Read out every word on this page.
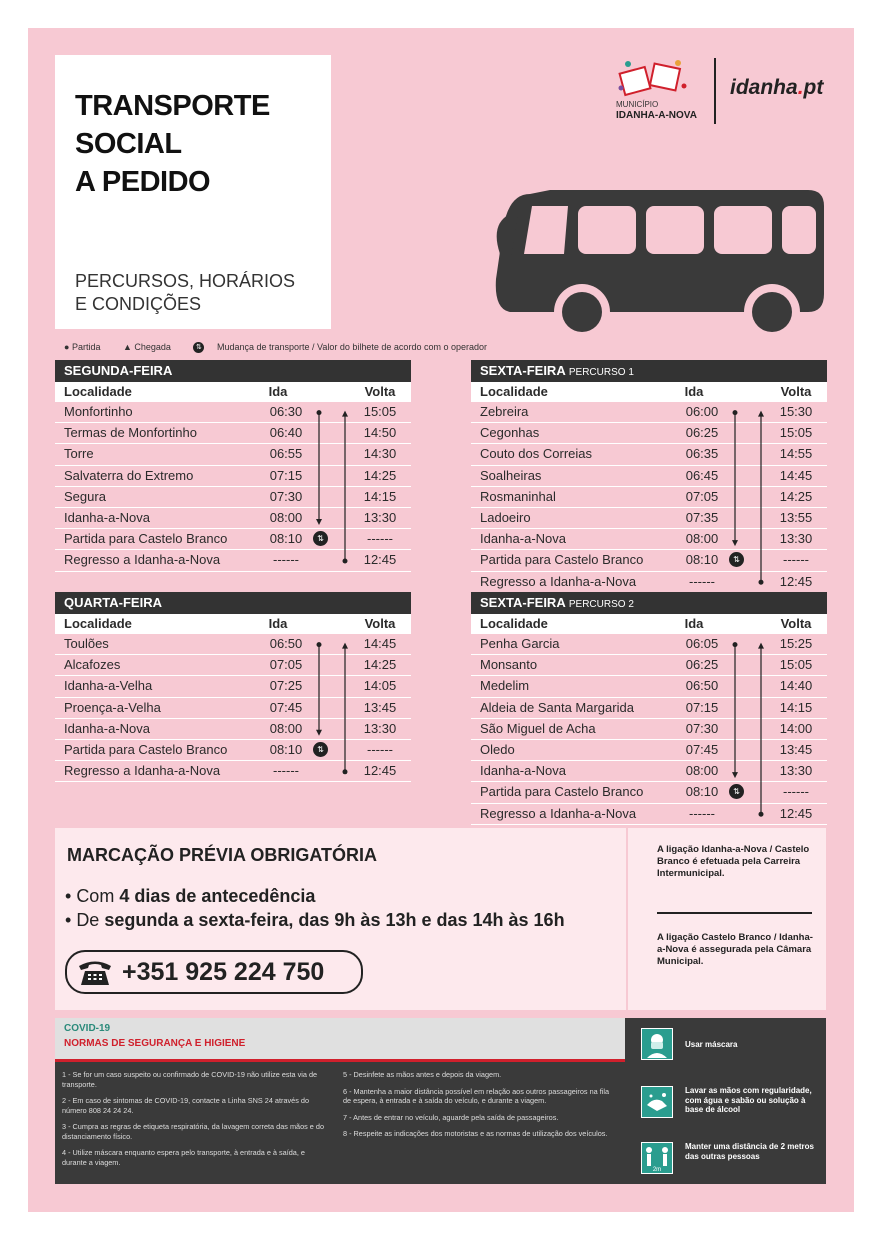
TRANSPORTE
SOCIAL
A PEDIDO
PERCURSOS, HORÁRIOS
E CONDIÇÕES
MUNICÍPIO
IDANHA-A-NOVA
idanha.pt
● Partida	▲ Chegada	⇅ Mudança de transporte / Valor do bilhete de acordo com o operador
SEGUNDA-FEIRA
Localidade	Ida	Volta
Monfortinho	06:30	15:05
Termas de Monfortinho	06:40	14:50
Torre	06:55	14:30
Salvaterra do Extremo	07:15	14:25
Segura	07:30	14:15
Idanha-a-Nova	08:00	13:30
Partida para Castelo Branco	08:10	------
⇅
Regresso a Idanha-a-Nova	------	12:45
QUARTA-FEIRA
Localidade	Ida	Volta
Toulões	06:50	14:45
Alcafozes	07:05	14:25
Idanha-a-Velha	07:25	14:05
Proença-a-Velha	07:45	13:45
Idanha-a-Nova	08:00	13:30
Partida para Castelo Branco	08:10	------
⇅
Regresso a Idanha-a-Nova	------	12:45
SEXTA-FEIRA PERCURSO 1
Localidade	Ida	Volta
Zebreira	06:00	15:30
Cegonhas	06:25	15:05
Couto dos Correias	06:35	14:55
Soalheiras	06:45	14:45
Rosmaninhal	07:05	14:25
Ladoeiro	07:35	13:55
Idanha-a-Nova	08:00	13:30
Partida para Castelo Branco	08:10	------
⇅
Regresso a Idanha-a-Nova	------	12:45
SEXTA-FEIRA PERCURSO 2
Localidade	Ida	Volta
Penha Garcia	06:05	15:25
Monsanto	06:25	15:05
Medelim	06:50	14:40
Aldeia de Santa Margarida	07:15	14:15
São Miguel de Acha	07:30	14:00
Oledo	07:45	13:45
Idanha-a-Nova	08:00	13:30
Partida para Castelo Branco	08:10	------
⇅
Regresso a Idanha-a-Nova	------	12:45
MARCAÇÃO PRÉVIA OBRIGATÓRIA
• Com 4 dias de antecedência
• De segunda a sexta-feira, das 9h às 13h e das 14h às 16h
+351 925 224 750
A ligação Idanha-a-Nova / Castelo Branco é efetuada pela Carreira Intermunicipal.
A ligação Castelo Branco / Idanha-a-Nova é assegurada pela Câmara Municipal.
COVID-19
NORMAS DE SEGURANÇA E HIGIENE

1 - Se for um caso suspeito ou confirmado de COVID-19 não utilize esta via de transporte.

2 - Em caso de sintomas de COVID-19, contacte a Linha SNS 24 através do número 808 24 24 24.

3 - Cumpra as regras de etiqueta respiratória, da lavagem correta das mãos e do distanciamento físico.

4 - Utilize máscara enquanto espera pelo transporte, à entrada e à saída, e durante a viagem.

5 - Desinfete as mãos antes e depois da viagem.

6 - Mantenha a maior distância possível em relação aos outros passageiros na fila de espera, à entrada e à saída do veículo, e durante a viagem.

7 - Antes de entrar no veículo, aguarde pela saída de passageiros.

8 - Respeite as indicações dos motoristas e as normas de utilização dos veículos.

Usar máscara
Lavar as mãos com regularidade, com água e sabão ou solução à base de álcool
2m
Manter uma distância de 2 metros das outras pessoas
